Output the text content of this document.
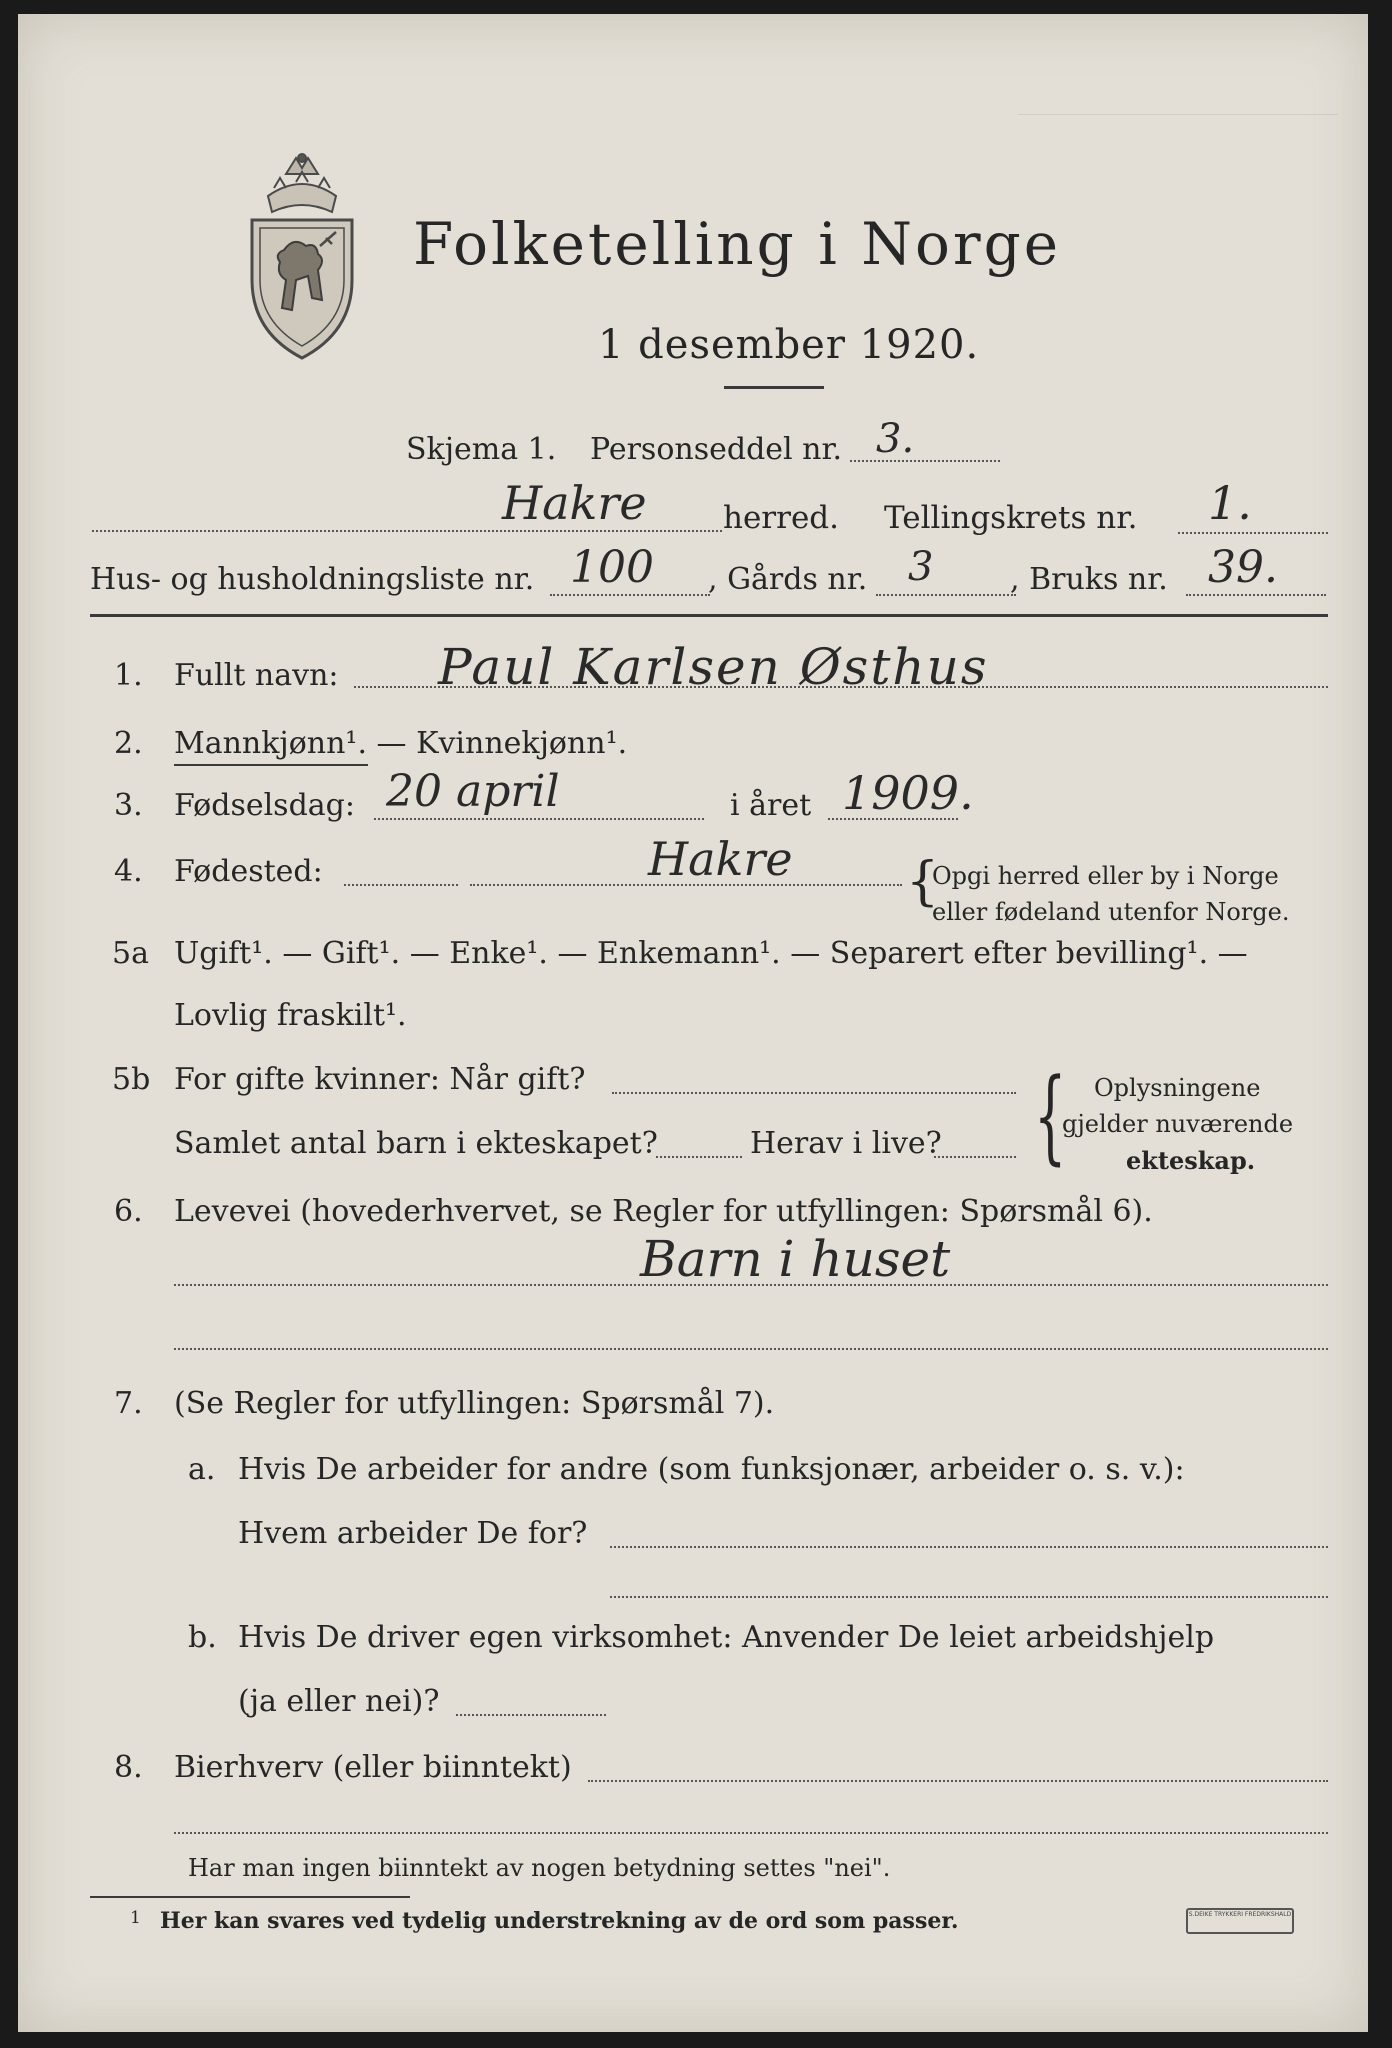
Folketelling i Norge
1 desember 1920.
Skjema 1. Personseddel nr. 3.
Hakre herred. Tellingskrets nr. 1.
Hus- og husholdningsliste nr. 100 , Gårds nr. 3	, Bruks nr. 39.
1. Fullt navn: Paul Karlsen Østhus
2. Mannkjønn¹. — Kvinnekjønn¹.
3. Fødselsdag: 20 april	i året 1909.
4. Fødested:	Hakre {
Opgi herred eller by i Norge
eller fødeland utenfor Norge.
5a Ugift¹. — Gift¹. — Enke¹. — Enkemann¹. — Separert efter bevilling¹. —
Lovlig fraskilt¹.
5b For gifte kvinner: Når gift?
Samlet antal barn i ekteskapet?	Herav i live? { Oplysningene
gjelder nuværende
ekteskap.
6. Levevei (hovederhvervet, se Regler for utfyllingen: Spørsmål 6).
Barn i huset
7. (Se Regler for utfyllingen: Spørsmål 7).
a. Hvis De arbeider for andre (som funksjonær, arbeider o. s. v.):
Hvem arbeider De for?
b. Hvis De driver egen virksomhet: Anvender De leiet arbeidshjelp
(ja eller nei)?
8. Bierhverv (eller biinntekt)
Har man ingen biinntekt av nogen betydning settes "nei".
1 Her kan svares ved tydelig understrekning av de ord som passer.	S.DEIKE TRYKKERI FREDRIKSHALD
